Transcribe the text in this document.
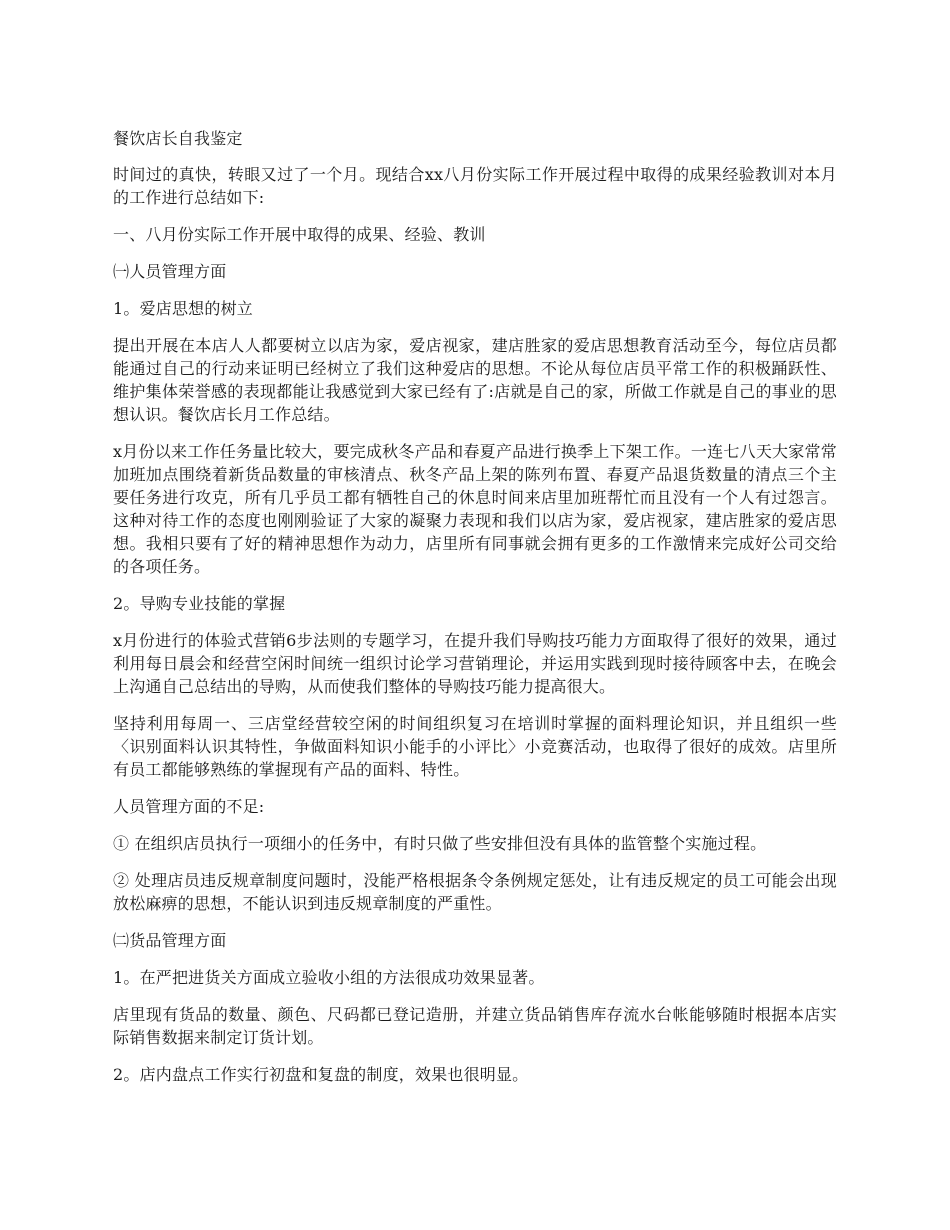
餐饮店长自我鉴定

时间过的真快，转眼又过了一个月。现结合xx八月份实际工作开展过程中取得的成果经验教训对本月的工作进行总结如下:

一、八月份实际工作开展中取得的成果、经验、教训

㈠人员管理方面

1。爱店思想的树立

提出开展在本店人人都要树立以店为家，爱店视家，建店胜家的爱店思想教育活动至今，每位店员都能通过自己的行动来证明已经树立了我们这种爱店的思想。不论从每位店员平常工作的积极踊跃性、维护集体荣誉感的表现都能让我感觉到大家已经有了:店就是自己的家，所做工作就是自己的事业的思想认识。餐饮店长月工作总结。

x月份以来工作任务量比较大，要完成秋冬产品和春夏产品进行换季上下架工作。一连七八天大家常常加班加点围绕着新货品数量的审核清点、秋冬产品上架的陈列布置、春夏产品退货数量的清点三个主要任务进行攻克，所有几乎员工都有牺牲自己的休息时间来店里加班帮忙而且没有一个人有过怨言。这种对待工作的态度也刚刚验证了大家的凝聚力表现和我们以店为家，爱店视家，建店胜家的爱店思想。我相只要有了好的精神思想作为动力，店里所有同事就会拥有更多的工作激情来完成好公司交给的各项任务。

2。导购专业技能的掌握

x月份进行的体验式营销6步法则的专题学习，在提升我们导购技巧能力方面取得了很好的效果，通过利用每日晨会和经营空闲时间统一组织讨论学习营销理论，并运用实践到现时接待顾客中去，在晚会上沟通自己总结出的导购，从而使我们整体的导购技巧能力提高很大。

坚持利用每周一、三店堂经营较空闲的时间组织复习在培训时掌握的面料理论知识，并且组织一些〈识别面料认识其特性，争做面料知识小能手的小评比〉小竞赛活动，也取得了很好的成效。店里所有员工都能够熟练的掌握现有产品的面料、特性。

人员管理方面的不足:

① 在组织店员执行一项细小的任务中，有时只做了些安排但没有具体的监管整个实施过程。

② 处理店员违反规章制度问题时，没能严格根据条令条例规定惩处，让有违反规定的员工可能会出现放松麻痹的思想，不能认识到违反规章制度的严重性。

㈡货品管理方面

1。在严把进货关方面成立验收小组的方法很成功效果显著。

店里现有货品的数量、颜色、尺码都已登记造册，并建立货品销售库存流水台帐能够随时根据本店实际销售数据来制定订货计划。

2。店内盘点工作实行初盘和复盘的制度，效果也很明显。
